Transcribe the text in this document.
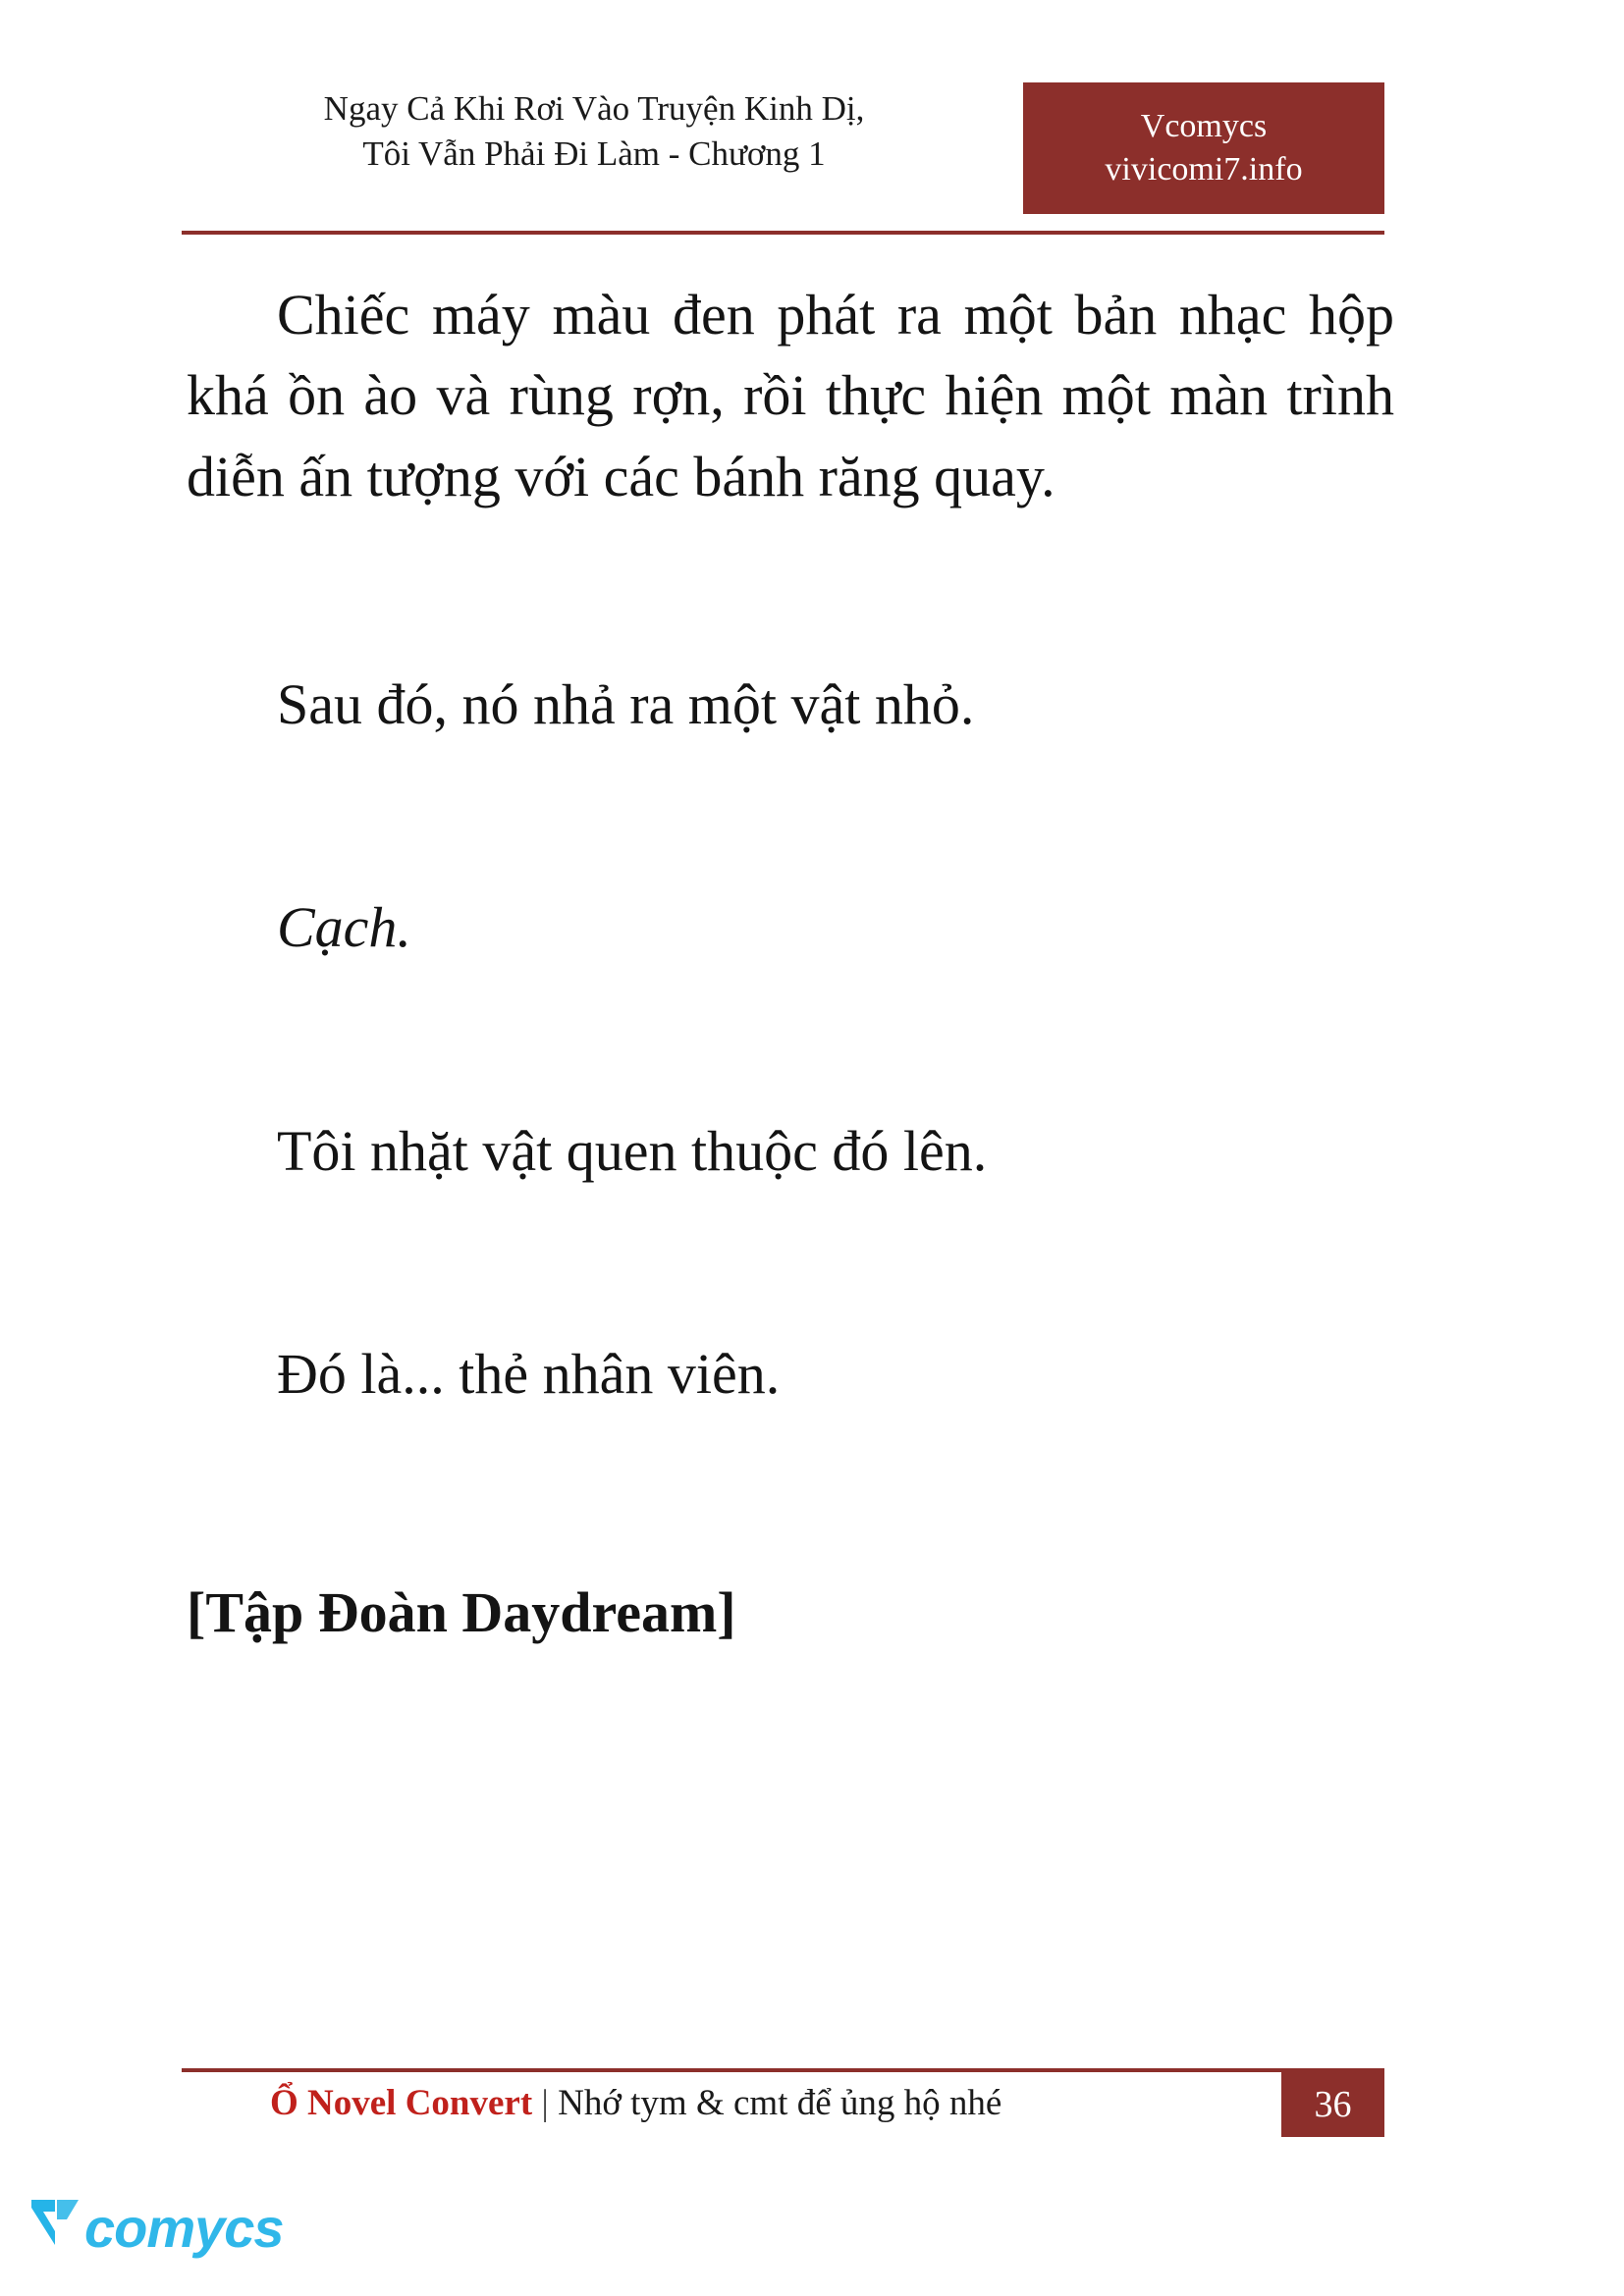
Ngay Cả Khi Rơi Vào Truyện Kinh Dị,
Tôi Vẫn Phải Đi Làm - Chương 1
Vcomycs
vivicomi7.info

Chiếc máy màu đen phát ra một bản nhạc hộp khá ồn ào và rùng rợn, rồi thực hiện một màn trình diễn ấn tượng với các bánh răng quay.

Sau đó, nó nhả ra một vật nhỏ.

Cạch.

Tôi nhặt vật quen thuộc đó lên.

Đó là... thẻ nhân viên.

[Tập Đoàn Daydream]

Ổ Novel Convert | Nhớ tym & cmt để ủng hộ nhé	36
comycs
